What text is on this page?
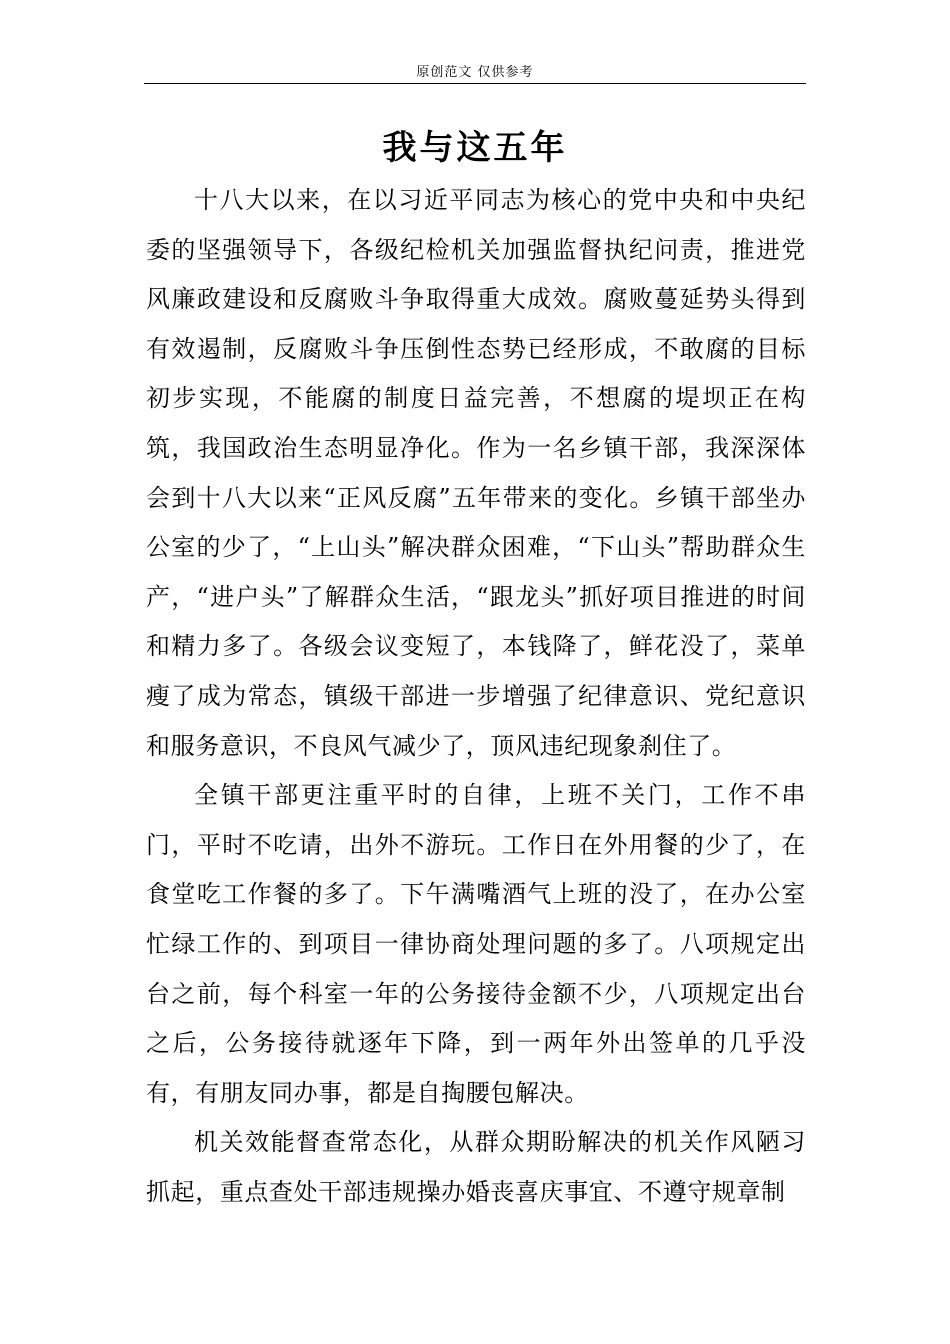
原创范文 仅供参考
我与这五年

十八大以来，在以习近平同志为核心的党中央和中央纪委的坚强领导下，各级纪检机关加强监督执纪问责，推进党风廉政建设和反腐败斗争取得重大成效。腐败蔓延势头得到有效遏制，反腐败斗争压倒性态势已经形成，不敢腐的目标初步实现，不能腐的制度日益完善，不想腐的堤坝正在构筑，我国政治生态明显净化。作为一名乡镇干部，我深深体会到十八大以来“正风反腐”五年带来的变化。乡镇干部坐办公室的少了，“上山头”解决群众困难，“下山头”帮助群众生产，“进户头”了解群众生活，“跟龙头”抓好项目推进的时间和精力多了。各级会议变短了，本钱降了，鲜花没了，菜单瘦了成为常态，镇级干部进一步增强了纪律意识、党纪意识和服务意识，不良风气减少了，顶风违纪现象刹住了。

全镇干部更注重平时的自律，上班不关门，工作不串门，平时不吃请，出外不游玩。工作日在外用餐的少了，在食堂吃工作餐的多了。下午满嘴酒气上班的没了，在办公室忙绿工作的、到项目一律协商处理问题的多了。八项规定出台之前，每个科室一年的公务接待金额不少，八项规定出台之后，公务接待就逐年下降，到一两年外出签单的几乎没有，有朋友同办事，都是自掏腰包解决。

机关效能督查常态化，从群众期盼解决的机关作风陋习抓起，重点查处干部违规操办婚丧喜庆事宜、不遵守规章制
